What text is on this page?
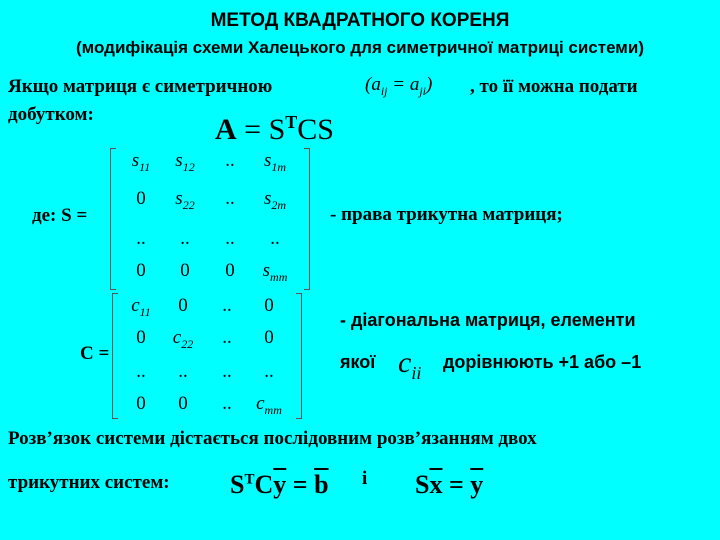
МЕТОД КВАДРАТНОГО КОРЕНЯ
(модифікація схеми Халецького для симетричної матриці системи)
Якщо матриця є симетричною	$(a_{ij} = a_{ji})$ , то її можна подати
добутком:	$A = S^TCS$
де: S =
$s_{11}$	$s_{12}$	..	$s_{1m}$
0	$s_{22}$	..	$s_{2m}$
..	..	..	..
0	0	0	$s_{mm}$
- права трикутна матриця;
C =
$c_{11}$	0	..	0
0	$c_{22}$	..	0
..	..	..	..
0	0	..	$c_{mm}$
- діагональна матриця, елементи
якої $c_{ii}$
дорівнюють +1 або –1
Розв’язок системи дістається послідовним розв’язанням двох
трикутних систем: $S^TC\overline{y} = \overline{b}$ і $S\overline{x} = \overline{y}$
